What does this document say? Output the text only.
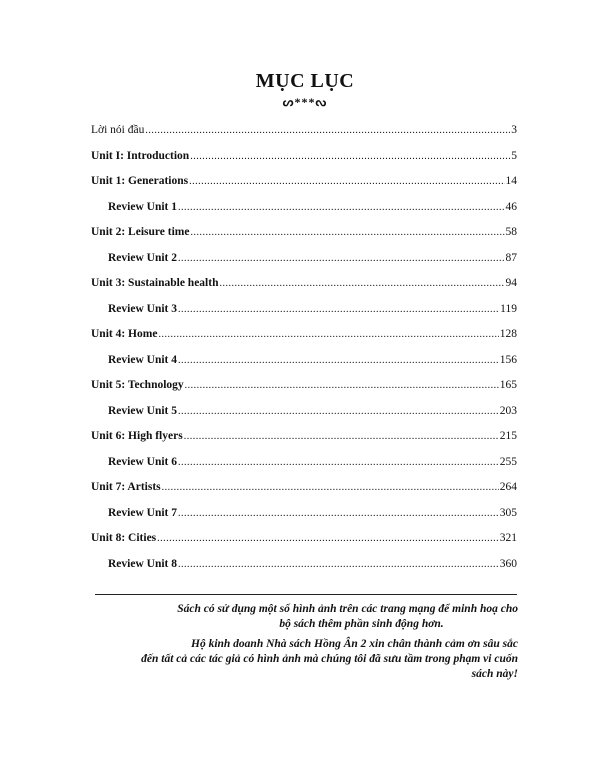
MỤC LỤC
ᔕ***ᔓ
Lời nói đầu .....	3
Unit I: Introduction .....	5
Unit 1: Generations .....	14
Review Unit 1 .....	46
Unit 2: Leisure time .....	58
Review Unit 2 .....	87
Unit 3: Sustainable health .....	94
Review Unit 3 .....	119
Unit 4: Home .....	128
Review Unit 4 .....	156
Unit 5: Technology .....	165
Review Unit 5 .....	203
Unit 6: High flyers .....	215
Review Unit 6 .....	255
Unit 7: Artists .....	264
Review Unit 7 .....	305
Unit 8: Cities .....	321
Review Unit 8 .....	360
Sách có sử dụng một số hình ảnh trên các trang mạng để minh hoạ cho
bộ sách thêm phần sinh động hơn.
Hộ kinh doanh Nhà sách Hồng Ân 2 xin chân thành cảm ơn sâu sắc
đến tất cả các tác giả có hình ảnh mà chúng tôi đã sưu tầm trong phạm vi cuốn
sách này!
